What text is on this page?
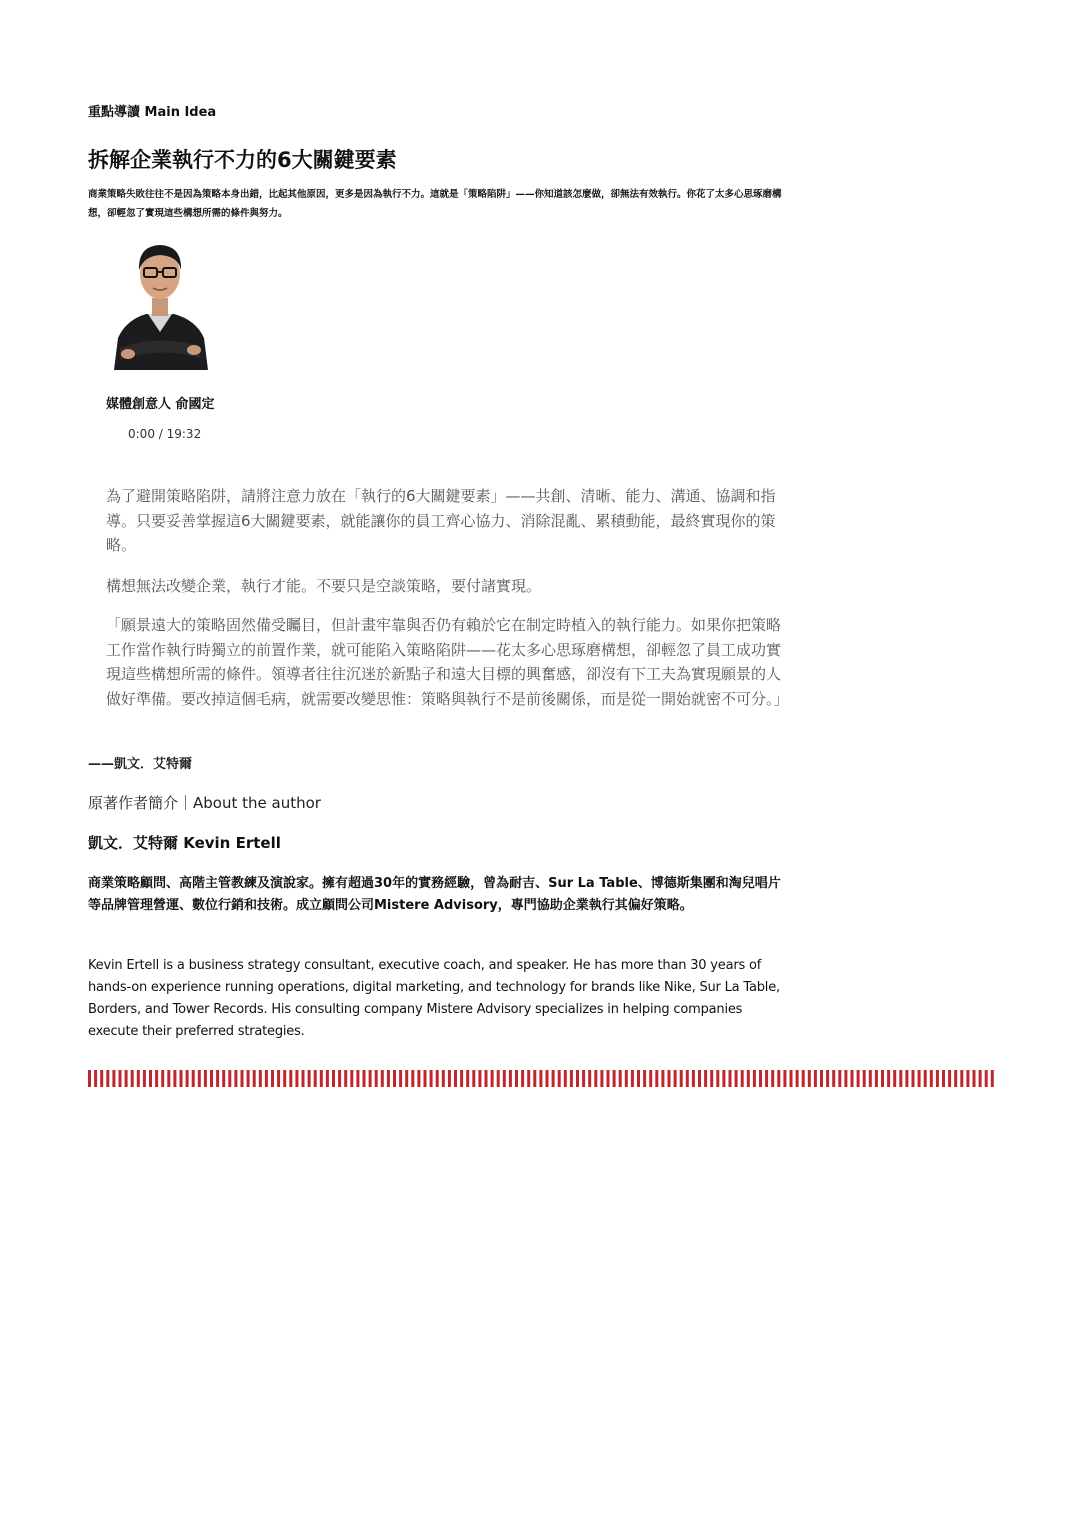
重點導讀 Main Idea
拆解企業執行不力的6大關鍵要素
商業策略失敗往往不是因為策略本身出錯，比起其他原因，更多是因為執行不力。這就是「策略陷阱」——你知道該怎麼做，卻無法有效執行。你花了太多心思琢磨構想，卻輕忽了實現這些構想所需的條件與努力。
媒體創意人 俞國定
0:00 / 19:32
為了避開策略陷阱，請將注意力放在「執行的6大關鍵要素」——共創、清晰、能力、溝通、協調和指導。只要妥善掌握這6大關鍵要素，就能讓你的員工齊心協力、消除混亂、累積動能，最終實現你的策略。
構想無法改變企業，執行才能。不要只是空談策略，要付諸實現。
「願景遠大的策略固然備受矚目，但計畫牢靠與否仍有賴於它在制定時植入的執行能力。如果你把策略工作當作執行時獨立的前置作業，就可能陷入策略陷阱——花太多心思琢磨構想，卻輕忽了員工成功實現這些構想所需的條件。領導者往往沉迷於新點子和遠大目標的興奮感，卻沒有下工夫為實現願景的人做好準備。要改掉這個毛病，就需要改變思惟：策略與執行不是前後關係，而是從一開始就密不可分。」
——凱文．艾特爾
原著作者簡介｜About the author
凱文．艾特爾 Kevin Ertell
商業策略顧問、高階主管教練及演說家。擁有超過30年的實務經驗，曾為耐吉、Sur La Table、博德斯集團和淘兒唱片等品牌管理營運、數位行銷和技術。成立顧問公司Mistere Advisory，專門協助企業執行其偏好策略。
Kevin Ertell is a business strategy consultant, executive coach, and speaker. He has more than 30 years of hands-on experience running operations, digital marketing, and technology for brands like Nike, Sur La Table, Borders, and Tower Records. His consulting company Mistere Advisory specializes in helping companies execute their preferred strategies.
